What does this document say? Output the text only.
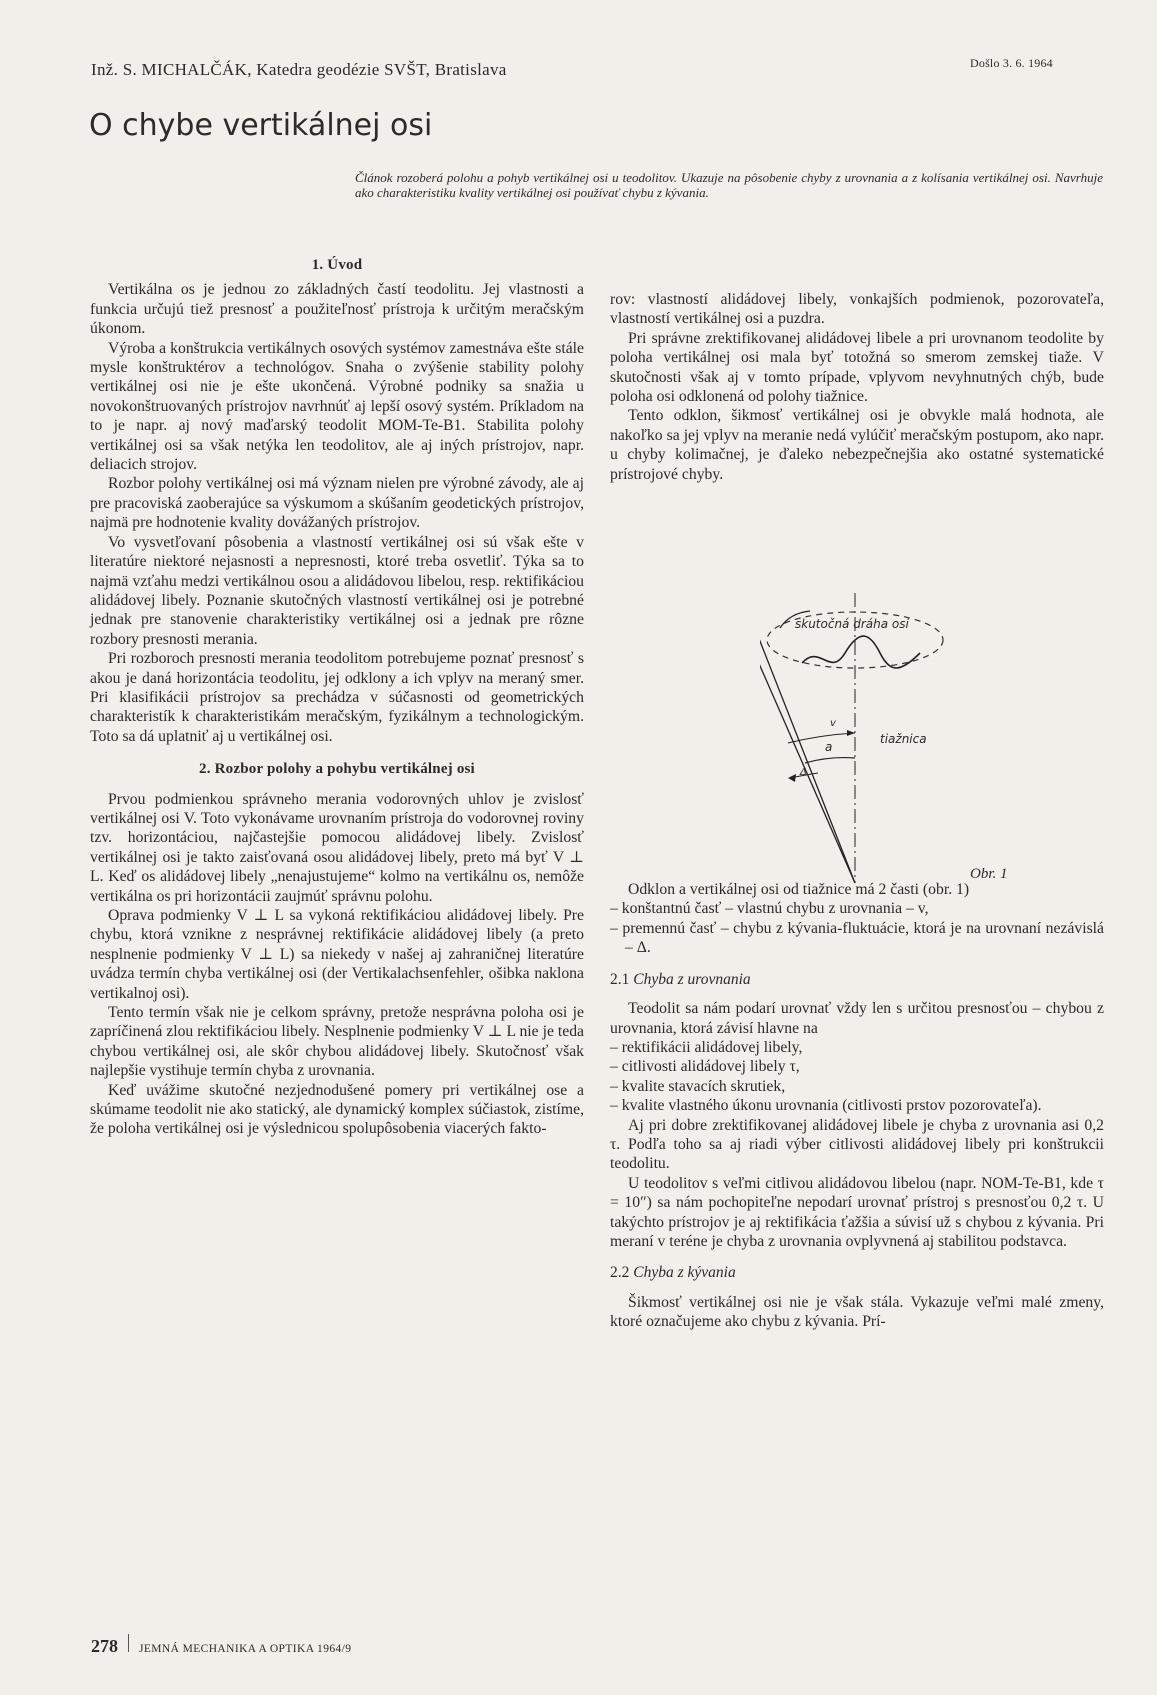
Inž. S. MICHALČÁK, Katedra geodézie SVŠT, Bratislava	Došlo 3. 6. 1964
O chybe vertikálnej osi

Článok rozoberá polohu a pohyb vertikálnej osi u teodolitov. Ukazuje na pôsobenie chyby z urovnania a z kolísania vertikálnej osi. Navrhuje ako charakteristiku kvality vertikálnej osi používať chybu z kývania.

1. Úvod

Vertikálna os je jednou zo základných častí teodolitu. Jej vlastnosti a funkcia určujú tiež presnosť a použiteľnosť prístroja k určitým meračským úkonom.

Výroba a konštrukcia vertikálnych osových systémov zamestnáva ešte stále mysle konštruktérov a technológov. Snaha o zvýšenie stability polohy vertikálnej osi nie je ešte ukončená. Výrobné podniky sa snažia u novokonštruovaných prístrojov navrhnúť aj lepší osový systém. Príkladom na to je napr. aj nový maďarský teodolit MOM-Te-B1. Stabilita polohy vertikálnej osi sa však netýka len teodolitov, ale aj iných prístrojov, napr. deliacich strojov.

Rozbor polohy vertikálnej osi má význam nielen pre výrobné závody, ale aj pre pracoviská zaoberajúce sa výskumom a skúšaním geodetických prístrojov, najmä pre hodnotenie kvality dovážaných prístrojov.

Vo vysvetľovaní pôsobenia a vlastností vertikálnej osi sú však ešte v literatúre niektoré nejasnosti a nepresnosti, ktoré treba osvetliť. Týka sa to najmä vzťahu medzi vertikálnou osou a alidádovou libelou, resp. rektifikáciou alidádovej libely. Poznanie skutočných vlastností vertikálnej osi je potrebné jednak pre stanovenie charakteristiky vertikálnej osi a jednak pre rôzne rozbory presnosti merania.

Pri rozboroch presnosti merania teodolitom potrebujeme poznať presnosť s akou je daná horizontácia teodolitu, jej odklony a ich vplyv na meraný smer. Pri klasifikácii prístrojov sa prechádza v súčasnosti od geometrických charakteristík k charakteristikám meračským, fyzikálnym a technologickým. Toto sa dá uplatniť aj u vertikálnej osi.

2. Rozbor polohy a pohybu vertikálnej osi

Prvou podmienkou správneho merania vodorovných uhlov je zvislosť vertikálnej osi V. Toto vykonávame urovnaním prístroja do vodorovnej roviny tzv. horizontáciou, najčastejšie pomocou alidádovej libely. Zvislosť vertikálnej osi je takto zaisťovaná osou alidádovej libely, preto má byť V ⊥ L. Keď os alidádovej libely „nenajustujeme“ kolmo na vertikálnu os, nemôže vertikálna os pri horizontácii zaujmúť správnu polohu.

Oprava podmienky V ⊥ L sa vykoná rektifikáciou alidádovej libely. Pre chybu, ktorá vznikne z nesprávnej rektifikácie alidádovej libely (a preto nesplnenie podmienky V ⊥ L) sa niekedy v našej aj zahraničnej literatúre uvádza termín chyba vertikálnej osi (der Vertikalachsenfehler, ošibka naklona vertikalnoj osi).

Tento termín však nie je celkom správny, pretože nesprávna poloha osi je zapríčinená zlou rektifikáciou libely. Nesplnenie podmienky V ⊥ L nie je teda chybou vertikálnej osi, ale skôr chybou alidádovej libely. Skutočnosť však najlepšie vystihuje termín chyba z urovnania.

Keď uvážime skutočné nezjednodušené pomery pri vertikálnej ose a skúmame teodolit nie ako statický, ale dynamický komplex súčiastok, zistíme, že poloha vertikálnej osi je výslednicou spolupôsobenia viacerých fakto-

rov: vlastností alidádovej libely, vonkajších podmienok, pozorovateľa, vlastností vertikálnej osi a puzdra.

Pri správne zrektifikovanej alidádovej libele a pri urovnanom teodolite by poloha vertikálnej osi mala byť totožná so smerom zemskej tiaže. V skutočnosti však aj v tomto prípade, vplyvom nevyhnutných chýb, bude poloha osi odklonená od polohy tiažnice.

Tento odklon, šikmosť vertikálnej osi je obvykle malá hodnota, ale nakoľko sa jej vplyv na meranie nedá vylúčiť meračským postupom, ako napr. u chyby kolimačnej, je ďaleko nebezpečnejšia ako ostatné systematické prístrojové chyby.

Odklon a vertikálnej osi od tiažnice má 2 časti (obr. 1)

– konštantnú časť – vlastnú chybu z urovnania – v,
– premennú časť – chybu z kývania-fluktuácie, ktorá je na urovnaní nezávislá – Δ.
2.1 Chyba z urovnania

Teodolit sa nám podarí urovnať vždy len s určitou presnosťou – chybou z urovnania, ktorá závisí hlavne na

– rektifikácii alidádovej libely,
– citlivosti alidádovej libely τ,
– kvalite stavacích skrutiek,
– kvalite vlastného úkonu urovnania (citlivosti prstov pozorovateľa).

Aj pri dobre zrektifikovanej alidádovej libele je chyba z urovnania asi 0,2 τ. Podľa toho sa aj riadi výber citlivosti alidádovej libely pri konštrukcii teodolitu.

U teodolitov s veľmi citlivou alidádovou libelou (napr. NOM-Te-B1, kde τ = 10″) sa nám pochopiteľne nepodarí urovnať prístroj s presnosťou 0,2 τ. U takýchto prístrojov je aj rektifikácia ťažšia a súvisí už s chybou z kývania. Pri meraní v teréne je chyba z urovnania ovplyvnená aj stabilitou podstavca.

2.2 Chyba z kývania

Šikmosť vertikálnej osi nie je však stála. Vykazuje veľmi malé zmeny, ktoré označujeme ako chybu z kývania. Prí-

skutočná dráha osi
tiažnica
a
v
Δ
Obr. 1
278 JEMNÁ MECHANIKA A OPTIKA 1964/9
